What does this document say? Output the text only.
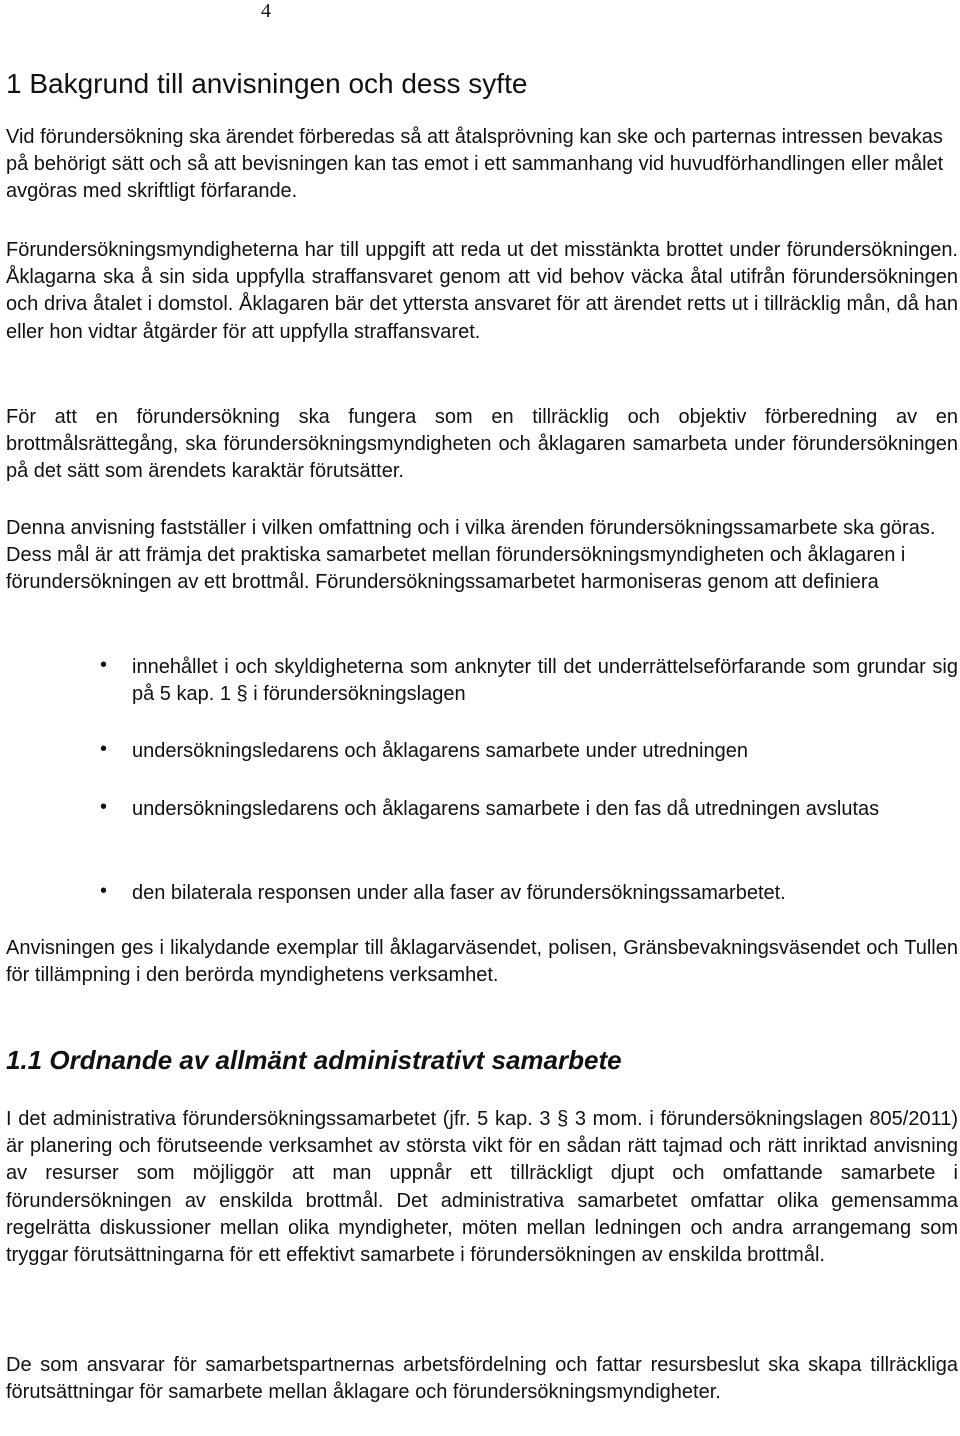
4
1 Bakgrund till anvisningen och dess syfte

Vid förundersökning ska ärendet förberedas så att åtalsprövning kan ske och parternas intressen bevakas på behörigt sätt och så att bevisningen kan tas emot i ett sammanhang vid huvudförhandlingen eller målet avgöras med skriftligt förfarande.

Förundersökningsmyndigheterna har till uppgift att reda ut det misstänkta brottet under förundersökningen. Åklagarna ska å sin sida uppfylla straffansvaret genom att vid behov väcka åtal utifrån förundersökningen och driva åtalet i domstol. Åklagaren bär det yttersta ansvaret för att ärendet retts ut i tillräcklig mån, då han eller hon vidtar åtgärder för att uppfylla straffansvaret.

För att en förundersökning ska fungera som en tillräcklig och objektiv förberedning av en brottmålsrättegång, ska förundersökningsmyndigheten och åklagaren samarbeta under förundersökningen på det sätt som ärendets karaktär förutsätter.

Denna anvisning fastställer i vilken omfattning och i vilka ärenden förundersökningssamarbete ska göras. Dess mål är att främja det praktiska samarbetet mellan förundersökningsmyndigheten och åklagaren i förundersökningen av ett brottmål. Förundersökningssamarbetet harmoniseras genom att definiera

• innehållet i och skyldigheterna som anknyter till det underrättelseförfarande som grundar sig på 5 kap. 1 § i förundersökningslagen

• undersökningsledarens och åklagarens samarbete under utredningen

• undersökningsledarens och åklagarens samarbete i den fas då utredningen avslutas

• den bilaterala responsen under alla faser av förundersökningssamarbetet.

Anvisningen ges i likalydande exemplar till åklagarväsendet, polisen, Gränsbevakningsväsendet och Tullen för tillämpning i den berörda myndighetens verksamhet.

1.1 Ordnande av allmänt administrativt samarbete

I det administrativa förundersökningssamarbetet (jfr. 5 kap. 3 § 3 mom. i förundersökningslagen 805/2011) är planering och förutseende verksamhet av största vikt för en sådan rätt tajmad och rätt inriktad anvisning av resurser som möjliggör att man uppnår ett tillräckligt djupt och omfattande samarbete i förundersökningen av enskilda brottmål. Det administrativa samarbetet omfattar olika gemensamma regelrätta diskussioner mellan olika myndigheter, möten mellan ledningen och andra arrangemang som tryggar förutsättningarna för ett effektivt samarbete i förundersökningen av enskilda brottmål.

De som ansvarar för samarbetspartnernas arbetsfördelning och fattar resursbeslut ska skapa tillräckliga förutsättningar för samarbete mellan åklagare och förundersökningsmyndigheter.
